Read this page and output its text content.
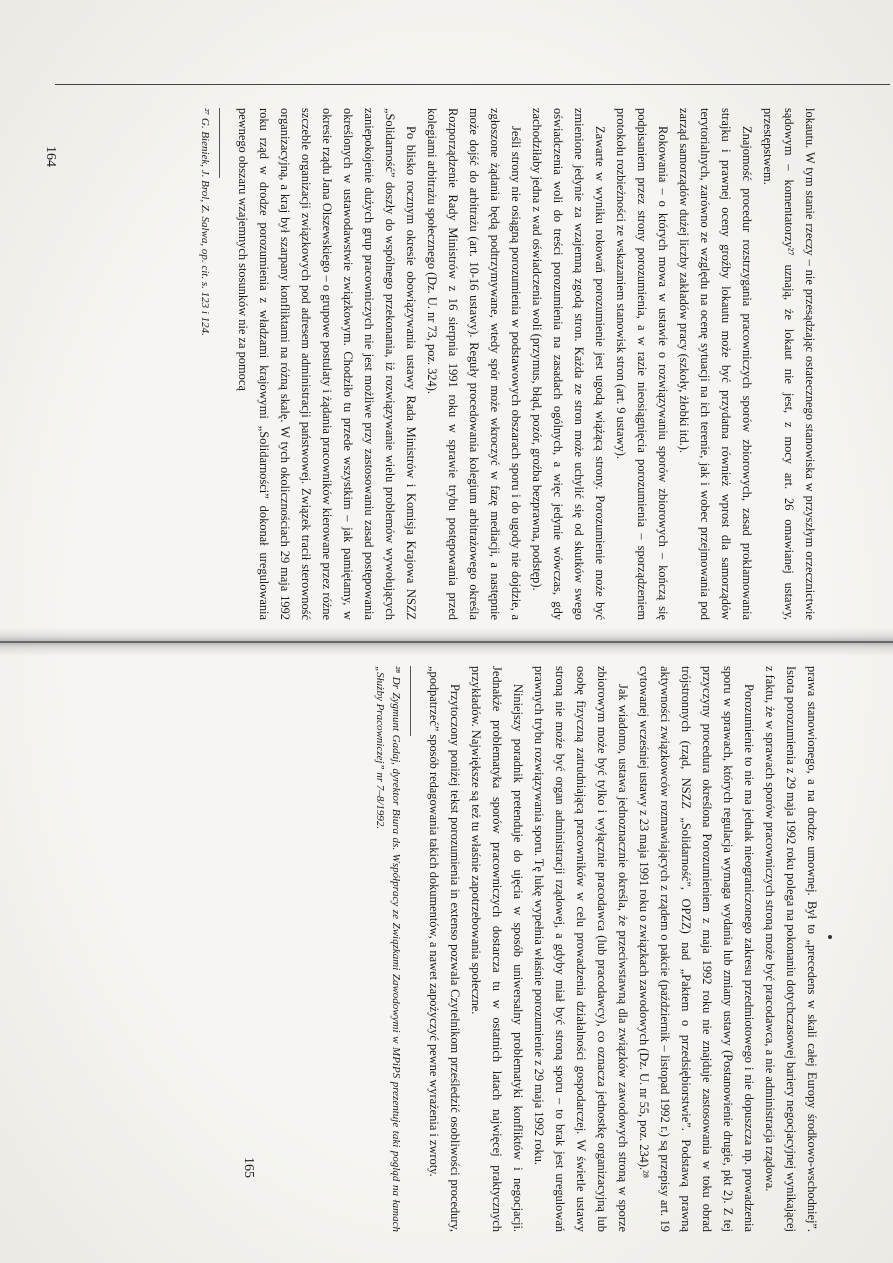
lokautu. W tym stanie rzeczy – nie przesądzając ostatecznego stanowiska w przyszłym orzecznictwie sądowym – komentatorzy²⁷ uznają, że lokaut nie jest, z mocy art. 26 omawianej ustawy, przestępstwem.

Znajomość procedur rozstrzygania pracowniczych sporów zbiorowych, zasad proklamowania strajku i prawnej oceny groźby lokautu może być przydatna również wprost dla samorządów terytorialnych, zarówno ze względu na ocenę sytuacji na ich terenie, jak i wobec przejmowania pod zarząd samorządów dużej liczby zakładów pracy (szkoły, żłobki itd.).

Rokowania – o których mowa w ustawie o rozwiązywaniu sporów zbiorowych – kończą się podpisaniem przez strony porozumienia, a w razie nieosiągnięcia porozumienia – sporządzeniem protokołu rozbieżności ze wskazaniem stanowisk stron (art. 9 ustawy).

Zawarte w wyniku rokowań porozumienie jest ugodą wiążącą strony. Porozumienie może być zmienione jedynie za wzajemną zgodą stron. Każda ze stron może uchylić się od skutków swego oświadczenia woli do treści porozumienia na zasadach ogólnych, a więc jedynie wówczas, gdy zachodziłaby jedna z wad oświadczenia woli (przymus, błąd, pozór, groźba bezprawna, podstęp).

Jeśli strony nie osiągną porozumienia w podstawowych obszarach sporu i do ugody nie dojdzie, a zgłoszone żądania będą podtrzymywane, wtedy spór może wkroczyć w fazę mediacji, a następnie może dojść do arbitrażu (art. 10-16 ustawy). Reguły procedowania kolegium arbitrażowego określa Rozporządzenie Rady Ministrów z 16 sierpnia 1991 roku w sprawie trybu postępowania przed kolegiami arbitrażu społecznego (Dz. U. nr 73, poz. 324).

Po blisko rocznym okresie obowiązywania ustawy Rada Ministrów i Komisja Krajowa NSZZ „Solidarność” doszły do wspólnego przekonania, iż rozwiązywanie wielu problemów wywołujących zaniepokojenie dużych grup pracowniczych nie jest możliwe przy zastosowaniu zasad postępowania określonych w ustawodawstwie związkowym. Chodziło tu przede wszystkim – jak pamiętamy, w okresie rządu Jana Olszewskiego – o grupowe postulaty i żądania pracowników kierowane przez różne szczeble organizacji związkowych pod adresem administracji państwowej. Związek tracił sterowność organizacyjną, a kraj był szarpany konfliktami na różną skalę. W tych okolicznościach 29 maja 1992 roku rząd w drodze porozumienia z władzami krajowymi „Solidarności” dokonał uregulowania pewnego obszaru wzajemnych stosunków nie za pomocą

²⁷ G. Bieniek, J. Brol, Z. Salwa, op. cit. s. 123 i 124.

prawa stanowionego, a na drodze umownej. Był to „precedens w skali całej Europy środkowo-wschodniej”. Istota porozumienia z 29 maja 1992 roku polega na pokonaniu dotychczasowej bariery negocjacyjnej wynikającej z faktu, że w sprawach sporów pracowniczych stroną może być pracodawca, a nie administracja rządowa.

Porozumienie to nie ma jednak nieograniczonego zakresu przedmiotowego i nie dopuszcza np. prowadzenia sporu w sprawach, których regulacja wymaga wydania lub zmiany ustawy (Postanowienie drugie, pkt 2). Z tej przyczyny procedura określona Porozumieniem z maja 1992 roku nie znajduje zastosowania w toku obrad trójstronnych (rząd, NSZZ „Solidarność”, OPZZ) nad „Paktem o przedsiębiorstwie”. Podstawą prawną aktywności związkowców rozmawiających z rządem o pakcie (październik – listopad 1992 r.) są przepisy art. 19 cytowanej wcześniej ustawy z 23 maja 1991 roku o związkach zawodowych (Dz. U. nr 55, poz. 234).²⁸

Jak wiadomo, ustawa jednoznacznie określa, że przeciwstawną dla związków zawodowych stroną w sporze zbiorowym może być tylko i wyłącznie pracodawca (lub pracodawcy), co oznacza jednostkę organizacyjną lub osobę fizyczną zatrudniającą pracowników w celu prowadzenia działalności gospodarczej. W świetle ustawy stroną nie może być organ administracji rządowej, a gdyby miał być stroną sporu – to brak jest uregulowań prawnych trybu rozwiązywania sporu. Tę lukę wypełnia właśnie porozumienie z 29 maja 1992 roku.

Niniejszy poradnik pretenduje do ujęcia w sposób uniwersalny problematyki konfliktów i negocjacji. Jednakże problematyka sporów pracowniczych dostarcza tu w ostatnich latach najwięcej praktycznych przykładów. Największe są też tu właśnie zapotrzebowania społeczne.

Przytoczony poniżej tekst porozumienia in extenso pozwala Czytelnikom prześledzić osobliwości procedury, „podpatrzeć” sposób redagowania takich dokumentów, a nawet zapożyczyć pewne wyrażenia i zwroty.

²⁸ Dr Zygmunt Gadaj, dyrektor Biura ds. Współpracy ze Związkami Zawodowymi w MPiPS prezentuje taki pogląd na łamach „Służby Pracowniczej” nr 7–8/1992.
164
165
